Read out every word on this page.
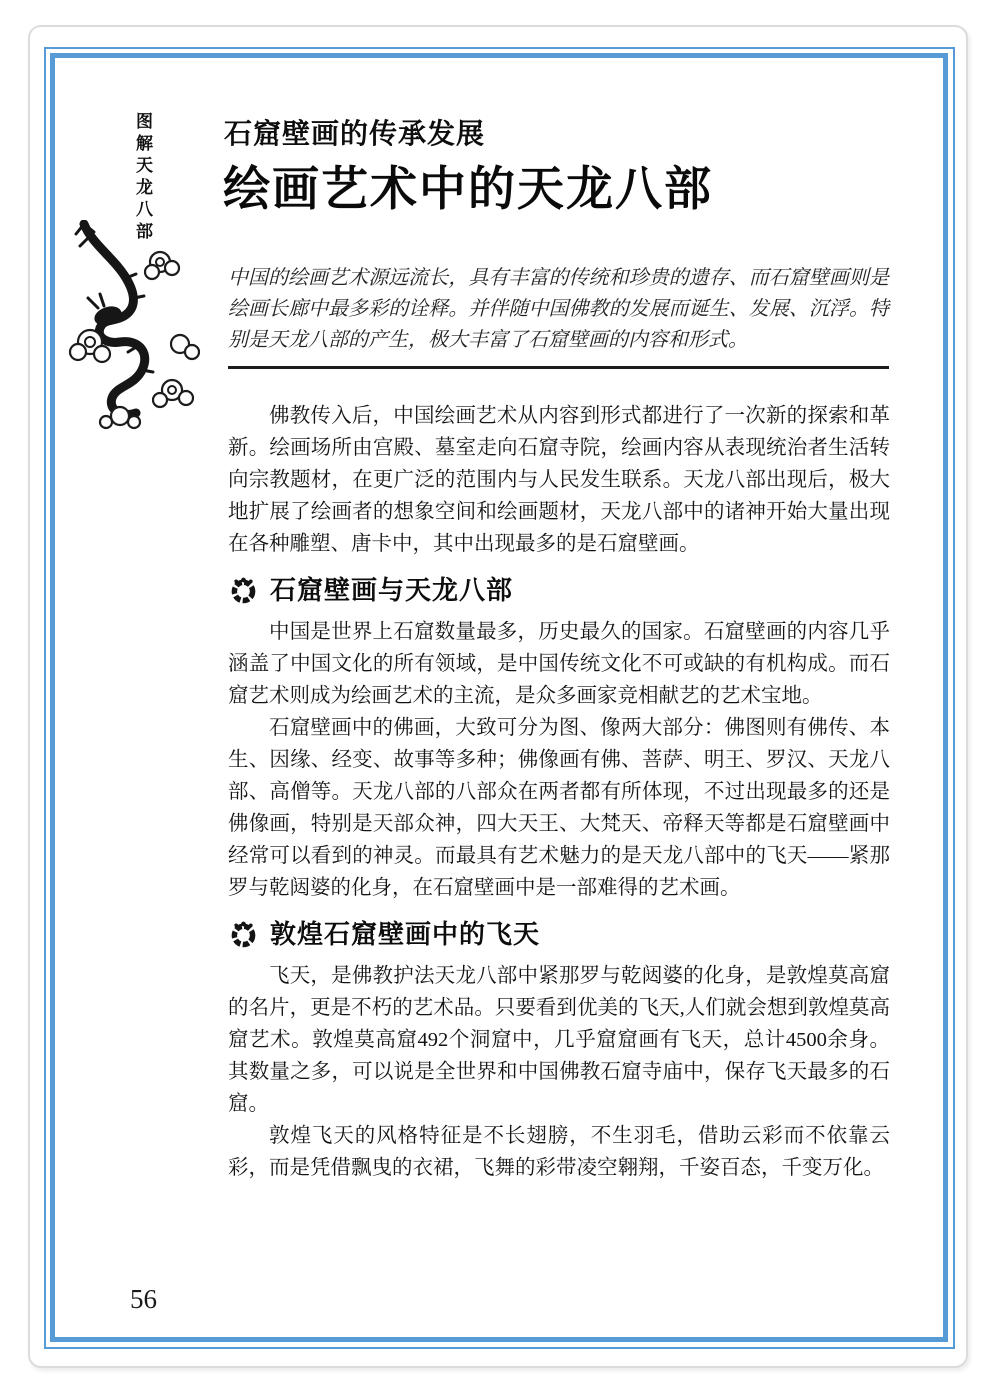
图解天龙八部	石窟壁画的传承发展
绘画艺术中的天龙八部

中国的绘画艺术源远流长，具有丰富的传统和珍贵的遗存、而石窟壁画则是绘画长廊中最多彩的诠释。并伴随中国佛教的发展而诞生、发展、沉浮。特别是天龙八部的产生，极大丰富了石窟壁画的内容和形式。

佛教传入后，中国绘画艺术从内容到形式都进行了一次新的探索和革新。绘画场所由宫殿、墓室走向石窟寺院，绘画内容从表现统治者生活转向宗教题材，在更广泛的范围内与人民发生联系。天龙八部出现后，极大地扩展了绘画者的想象空间和绘画题材，天龙八部中的诸神开始大量出现在各种雕塑、唐卡中，其中出现最多的是石窟壁画。

石窟壁画与天龙八部

中国是世界上石窟数量最多，历史最久的国家。石窟壁画的内容几乎涵盖了中国文化的所有领域，是中国传统文化不可或缺的有机构成。而石窟艺术则成为绘画艺术的主流，是众多画家竞相献艺的艺术宝地。

石窟壁画中的佛画，大致可分为图、像两大部分：佛图则有佛传、本生、因缘、经变、故事等多种；佛像画有佛、菩萨、明王、罗汉、天龙八部、高僧等。天龙八部的八部众在两者都有所体现，不过出现最多的还是佛像画，特别是天部众神，四大天王、大梵天、帝释天等都是石窟壁画中经常可以看到的神灵。而最具有艺术魅力的是天龙八部中的飞天——紧那罗与乾闼婆的化身，在石窟壁画中是一部难得的艺术画。

敦煌石窟壁画中的飞天

飞天，是佛教护法天龙八部中紧那罗与乾闼婆的化身，是敦煌莫高窟的名片，更是不朽的艺术品。只要看到优美的飞天,人们就会想到敦煌莫高窟艺术。敦煌莫高窟492个洞窟中，几乎窟窟画有飞天，总计4500余身。其数量之多，可以说是全世界和中国佛教石窟寺庙中，保存飞天最多的石窟。

敦煌飞天的风格特征是不长翅膀，不生羽毛，借助云彩而不依靠云彩，而是凭借飘曳的衣裙，飞舞的彩带凌空翱翔，千姿百态，千变万化。

56
